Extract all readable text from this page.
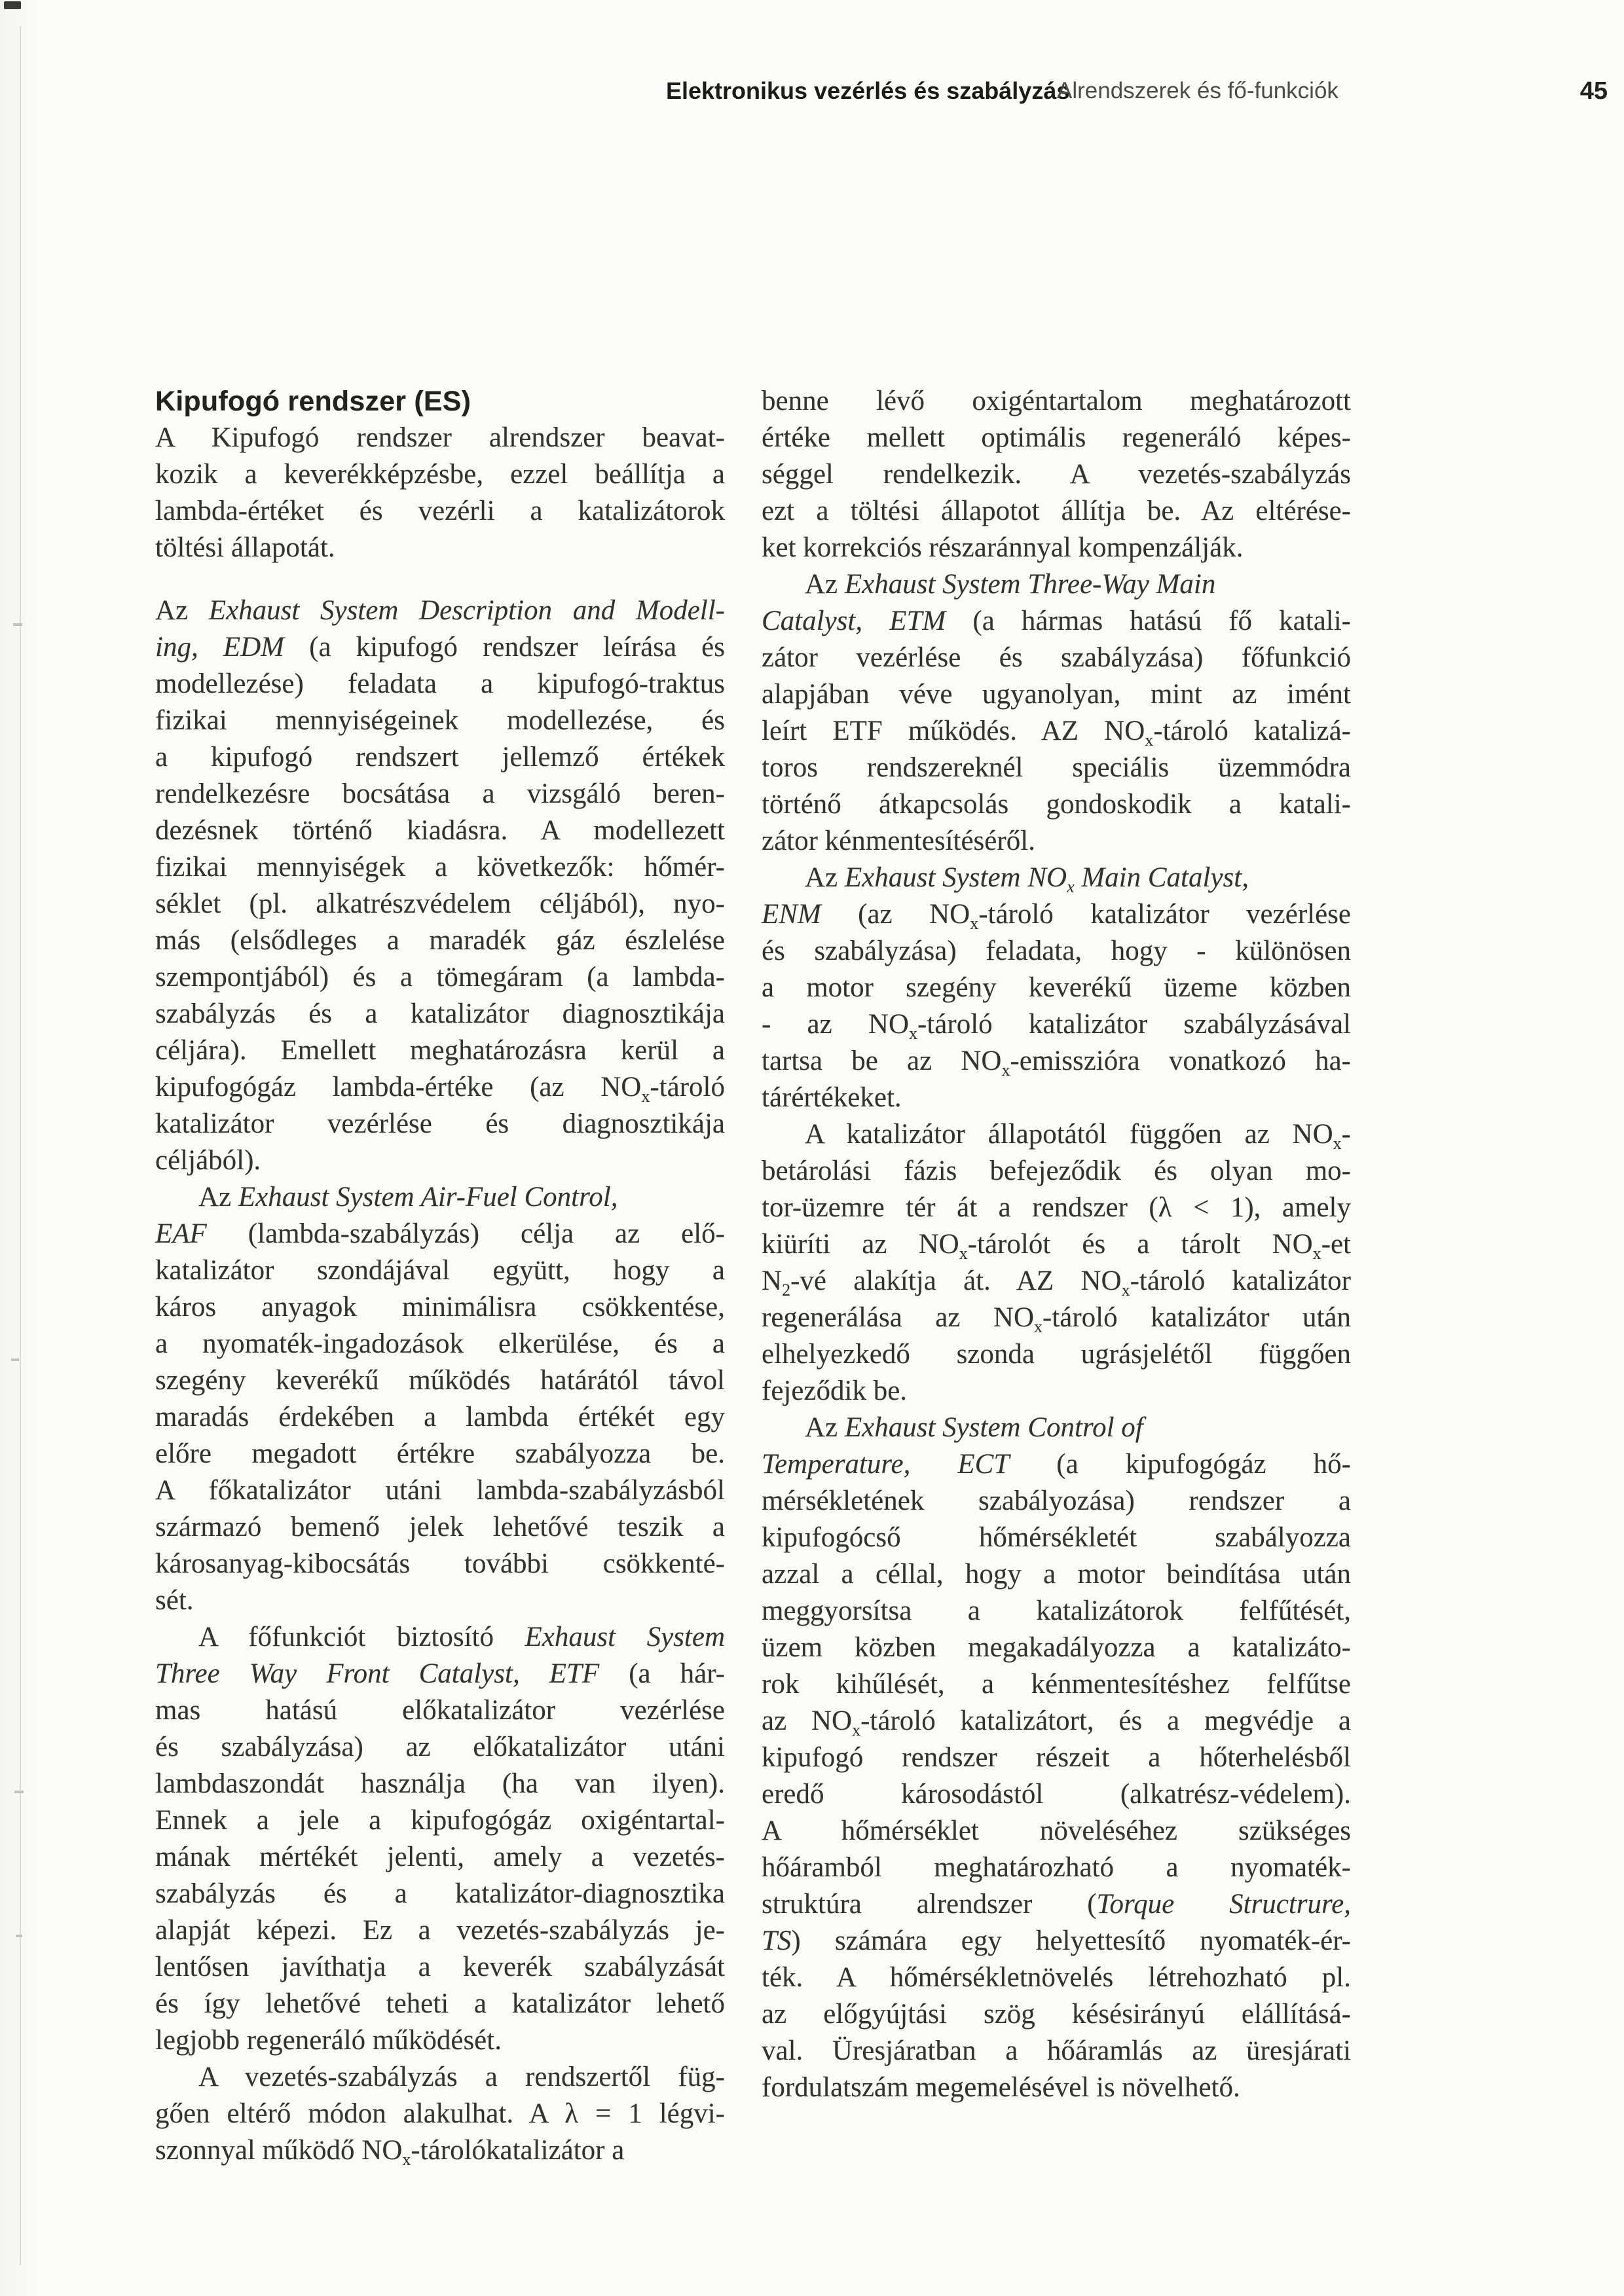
Elektronikus vezérlés és szabályzás
Alrendszerek és fő-funkciók	45
Kipufogó rendszer (ES)

A Kipufogó rendszer alrendszer beavat-
kozik a keverékképzésbe, ezzel beállítja a
lambda-értéket és vezérli a katalizátorok
töltési állapotát.

Az Exhaust System Description and Modell-
ing, EDM (a kipufogó rendszer leírása és
modellezése) feladata a kipufogó-traktus
fizikai mennyiségeinek modellezése, és
a kipufogó rendszert jellemző értékek
rendelkezésre bocsátása a vizsgáló beren-
dezésnek történő kiadásra. A modellezett
fizikai mennyiségek a következők: hőmér-
séklet (pl. alkatrészvédelem céljából), nyo-
más (elsődleges a maradék gáz észlelése
szempontjából) és a tömegáram (a lambda-
szabályzás és a katalizátor diagnosztikája
céljára). Emellett meghatározásra kerül a
kipufogógáz lambda-értéke (az $NO_x$-tároló
katalizátor vezérlése és diagnosztikája
céljából).

Az Exhaust System Air-Fuel Control,
EAF (lambda-szabályzás) célja az elő-
katalizátor szondájával együtt, hogy a
káros anyagok minimálisra csökkentése,
a nyomaték-ingadozások elkerülése, és a
szegény keverékű működés határától távol
maradás érdekében a lambda értékét egy
előre megadott értékre szabályozza be.
A főkatalizátor utáni lambda-szabályzásból
származó bemenő jelek lehetővé teszik a
károsanyag-kibocsátás további csökkenté-
sét.

A főfunkciót biztosító Exhaust System
Three Way Front Catalyst, ETF (a hár-
mas hatású előkatalizátor vezérlése
és szabályzása) az előkatalizátor utáni
lambdaszondát használja (ha van ilyen).
Ennek a jele a kipufogógáz oxigéntartal-
mának mértékét jelenti, amely a vezetés-
szabályzás és a katalizátor-diagnosztika
alapját képezi. Ez a vezetés-szabályzás je-
lentősen javíthatja a keverék szabályzását
és így lehetővé teheti a katalizátor lehető
legjobb regeneráló működését.

A vezetés-szabályzás a rendszertől füg-
gően eltérő módon alakulhat. A λ = 1 légvi-
szonnyal működő $NO_x$-tárolókatalizátor a

benne lévő oxigéntartalom meghatározott
értéke mellett optimális regeneráló képes-
séggel rendelkezik. A vezetés-szabályzás
ezt a töltési állapotot állítja be. Az eltérése-
ket korrekciós részaránnyal kompenzálják.

Az Exhaust System Three-Way Main
Catalyst, ETM (a hármas hatású fő katali-
zátor vezérlése és szabályzása) főfunkció
alapjában véve ugyanolyan, mint az imént
leírt ETF működés. AZ $NO_x$-tároló katalizá-
toros rendszereknél speciális üzemmódra
történő átkapcsolás gondoskodik a katali-
zátor kénmentesítéséről.

Az Exhaust System $NO_x$ Main Catalyst,
ENM (az $NO_x$-tároló katalizátor vezérlése
és szabályzása) feladata, hogy - különösen
a motor szegény keverékű üzeme közben
- az $NO_x$-tároló katalizátor szabályzásával
tartsa be az $NO_x$-emisszióra vonatkozó ha-
tárértékeket.

A katalizátor állapotától függően az $NO_x-$
betárolási fázis befejeződik és olyan mo-
tor-üzemre tér át a rendszer (λ < 1), amely
kiüríti az $NO_x$-tárolót és a tárolt $NO_x-et$
$N_2-vé$ alakítja át. AZ $NO_x$-tároló katalizátor
regenerálása az $NO_x$-tároló katalizátor után
elhelyezkedő szonda ugrásjelétől függően
fejeződik be.

Az Exhaust System Control of
Temperature, ECT (a kipufogógáz hő-
mérsékletének szabályozása) rendszer a
kipufogócső hőmérsékletét szabályozza
azzal a céllal, hogy a motor beindítása után
meggyorsítsa a katalizátorok felfűtését,
üzem közben megakadályozza a katalizáto-
rok kihűlését, a kénmentesítéshez felfűtse
az $NO_x$-tároló katalizátort, és a megvédje a
kipufogó rendszer részeit a hőterhelésből
eredő károsodástól (alkatrész-védelem).
A hőmérséklet növeléséhez szükséges
hőáramból meghatározható a nyomaték-
struktúra alrendszer (Torque Structrure,
TS) számára egy helyettesítő nyomaték-ér-
ték. A hőmérsékletnövelés létrehozható pl.
az előgyújtási szög késésirányú elállításá-
val. Üresjáratban a hőáramlás az üresjárati
fordulatszám megemelésével is növelhető.
